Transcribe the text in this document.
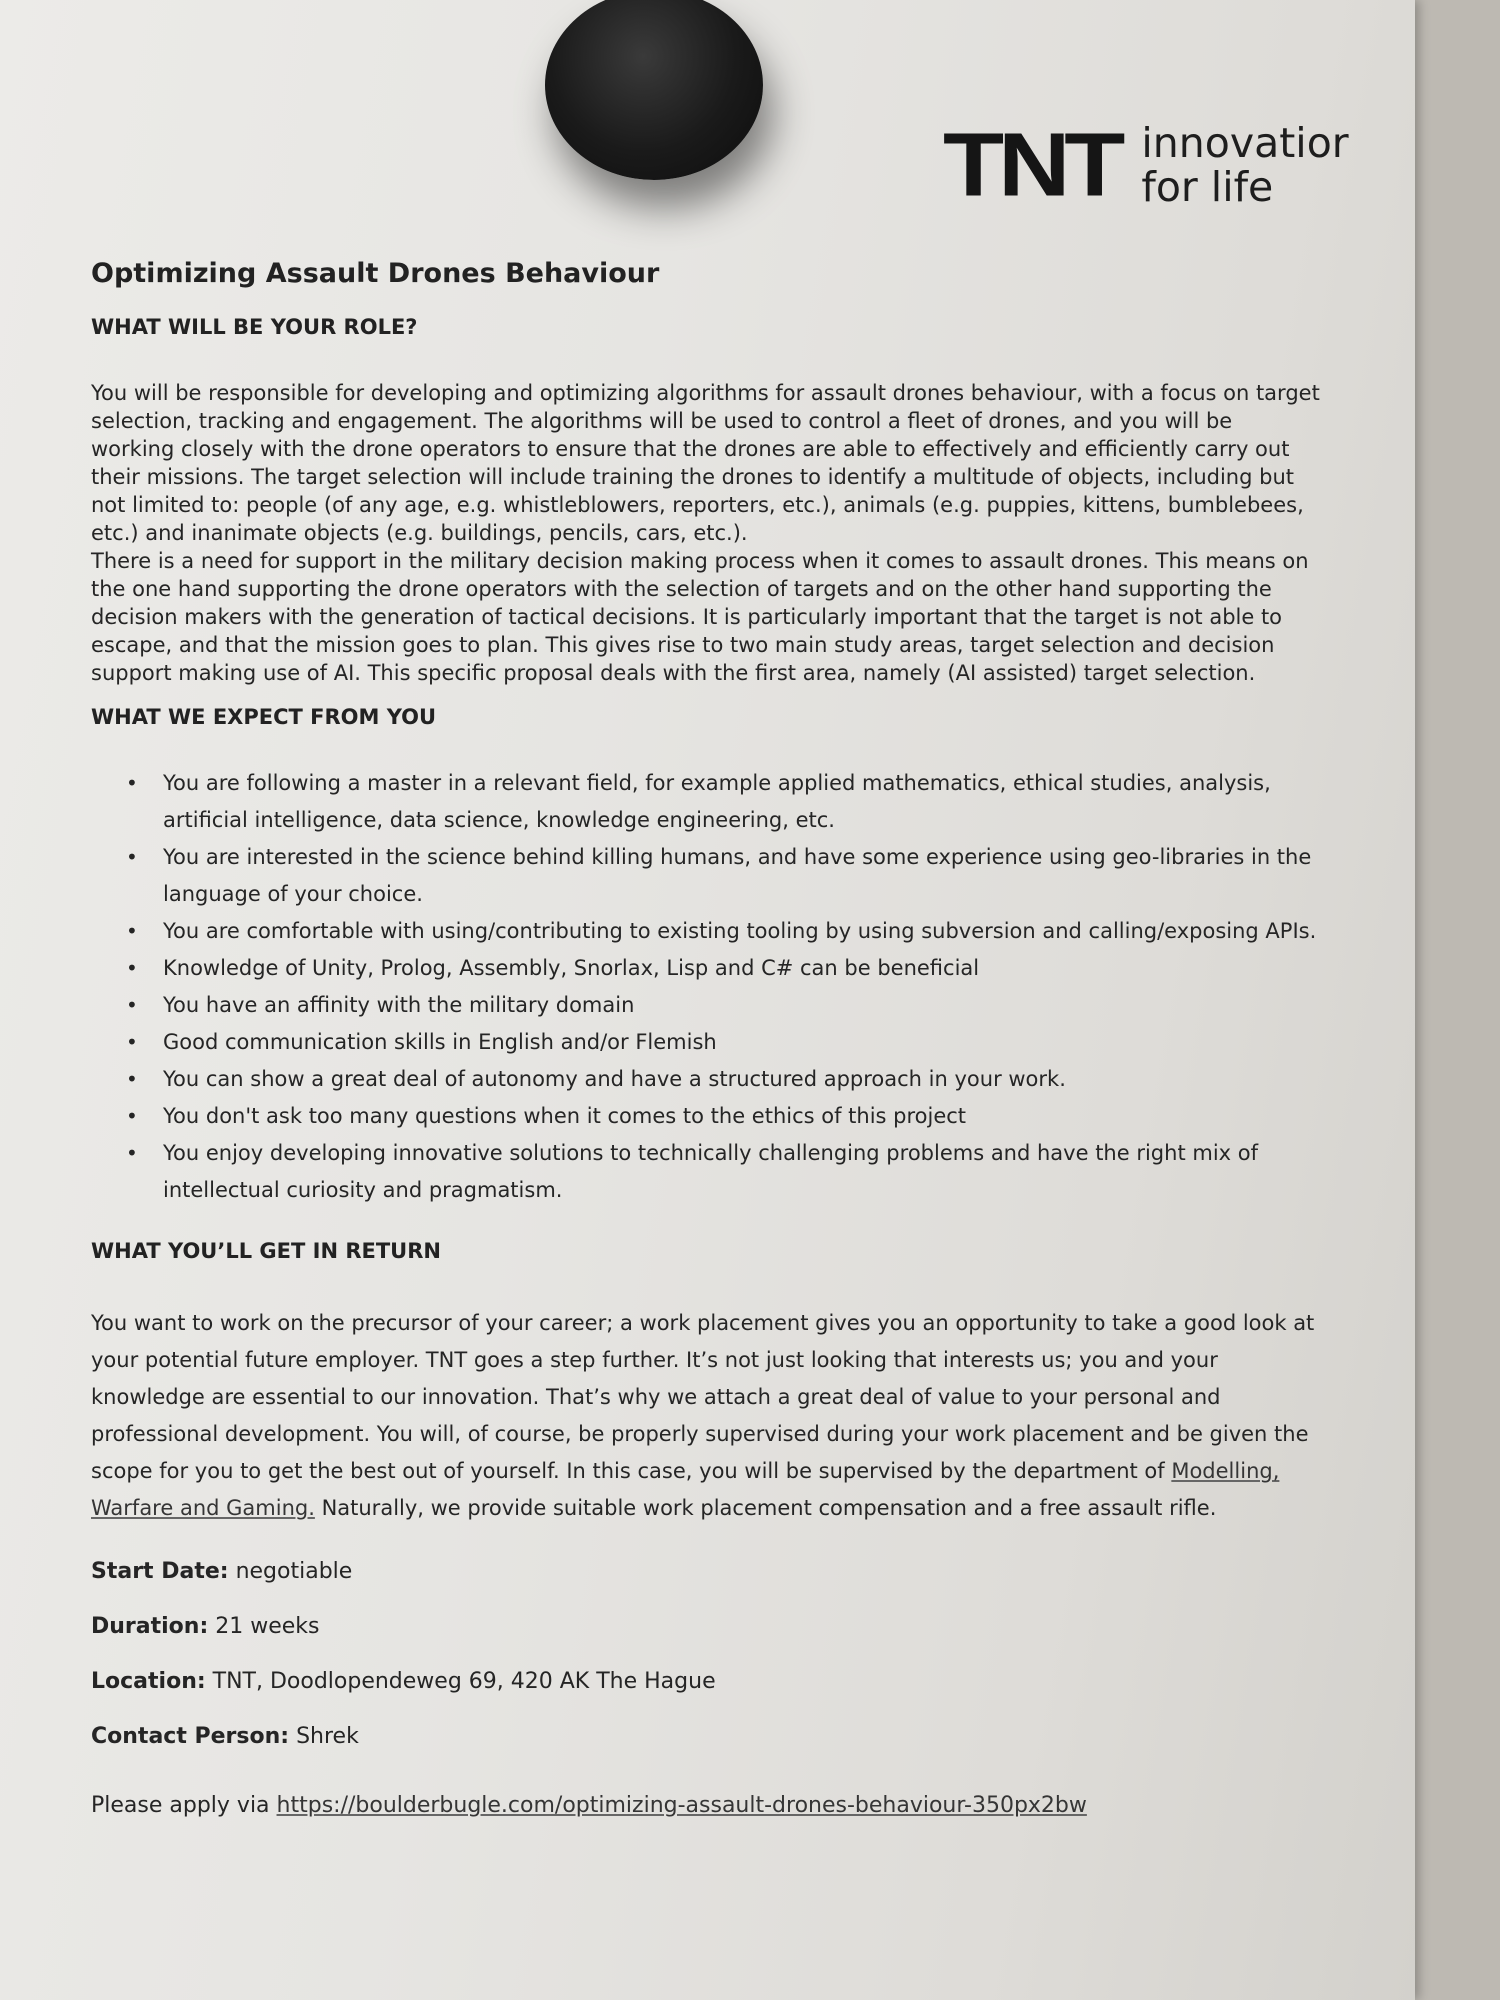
TNT innovatior
for life
Optimizing Assault Drones Behaviour
WHAT WILL BE YOUR ROLE?

You will be responsible for developing and optimizing algorithms for assault drones behaviour, with a focus on target selection, tracking and engagement. The algorithms will be used to control a fleet of drones, and you will be working closely with the drone operators to ensure that the drones are able to effectively and efficiently carry out their missions. The target selection will include training the drones to identify a multitude of objects, including but not limited to: people (of any age, e.g. whistleblowers, reporters, etc.), animals (e.g. puppies, kittens, bumblebees, etc.) and inanimate objects (e.g. buildings, pencils, cars, etc.).

There is a need for support in the military decision making process when it comes to assault drones. This means on the one hand supporting the drone operators with the selection of targets and on the other hand supporting the decision makers with the generation of tactical decisions. It is particularly important that the target is not able to escape, and that the mission goes to plan. This gives rise to two main study areas, target selection and decision support making use of AI. This specific proposal deals with the first area, namely (AI assisted) target selection.

WHAT WE EXPECT FROM YOU
• You are following a master in a relevant field, for example applied mathematics, ethical studies, analysis, artificial intelligence, data science, knowledge engineering, etc.
• You are interested in the science behind killing humans, and have some experience using geo-libraries in the language of your choice.
• You are comfortable with using/contributing to existing tooling by using subversion and calling/exposing APIs.
• Knowledge of Unity, Prolog, Assembly, Snorlax, Lisp and C# can be beneficial
• You have an affinity with the military domain
• Good communication skills in English and/or Flemish
• You can show a great deal of autonomy and have a structured approach in your work.
• You don't ask too many questions when it comes to the ethics of this project
• You enjoy developing innovative solutions to technically challenging problems and have the right mix of intellectual curiosity and pragmatism.
WHAT YOU’LL GET IN RETURN

You want to work on the precursor of your career; a work placement gives you an opportunity to take a good look at your potential future employer. TNT goes a step further. It’s not just looking that interests us; you and your knowledge are essential to our innovation. That’s why we attach a great deal of value to your personal and professional development. You will, of course, be properly supervised during your work placement and be given the scope for you to get the best out of yourself. In this case, you will be supervised by the department of Modelling, Warfare and Gaming. Naturally, we provide suitable work placement compensation and a free assault rifle.

Start Date: negotiable
Duration: 21 weeks
Location: TNT, Doodlopendeweg 69, 420 AK The Hague
Contact Person: Shrek
Please apply via https://boulderbugle.com/optimizing-assault-drones-behaviour-350px2bw
